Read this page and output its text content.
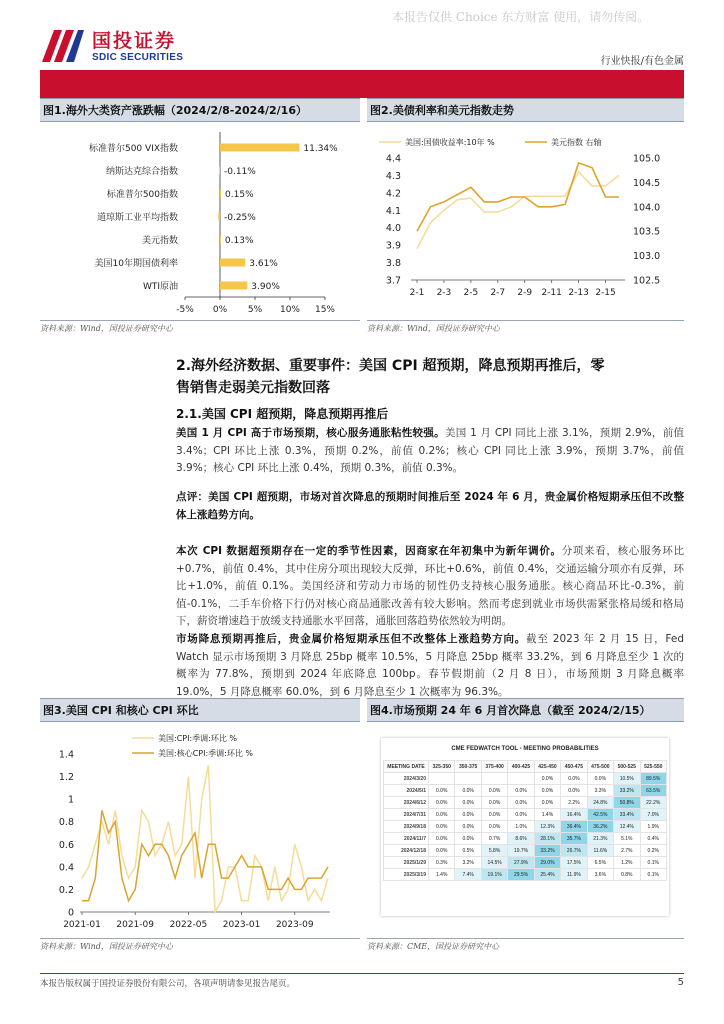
本报告仅供 Choice 东方财富 使用，请勿传阅。
国投证券
SDIC SECURITIES	行业快报/有色金属
图1.海外大类资产涨跌幅（2024/2/8-2024/2/16）
标准普尔500 VIX指数	11.34%
纳斯达克综合指数	-0.11%
标准普尔500指数	0.15%
道琼斯工业平均指数	-0.25%
美元指数	0.13%
美国10年期国债利率	3.61%
WTI原油	3.90%
-5% 0% 5% 10% 15%
资料来源：Wind，国投证券研究中心
图2.美债利率和美元指数走势
4.4
4.3
4.2
4.1
4.0
3.9
3.8
3.7
105.0
104.5
104.0
103.5
103.0
102.5
2-1 2-3 2-5 2-7 2-9 2-11 2-13 2-15
美国:国债收益率:10年 %	美元指数 右轴
资料来源：Wind，国投证券研究中心
2.海外经济数据、重要事件：美国 CPI 超预期，降息预期再推后，零
售销售走弱美元指数回落
2.1.美国 CPI 超预期，降息预期再推后
美国 1 月 CPI 高于市场预期，核心服务通胀粘性较强。美国 1 月 CPI 同比上涨 3.1%，预期 2.9%，前值 3.4%；CPI 环比上涨 0.3%，预期 0.2%，前值 0.2%；核心 CPI 同比上涨 3.9%，预期 3.7%，前值 3.9%；核心 CPI 环比上涨 0.4%，预期 0.3%，前值 0.3%。
点评：美国 CPI 超预期，市场对首次降息的预期时间推后至 2024 年 6 月，贵金属价格短期承压但不改整体上涨趋势方向。
本次 CPI 数据超预期存在一定的季节性因素，因商家在年初集中为新年调价。分项来看，核心服务环比+0.7%，前值 0.4%，其中住房分项出现较大反弹，环比+0.6%，前值 0.4%，交通运输分项亦有反弹，环比+1.0%，前值 0.1%。美国经济和劳动力市场的韧性仍支持核心服务通胀。核心商品环比-0.3%，前值-0.1%，二手车价格下行仍对核心商品通胀改善有较大影响。然而考虑到就业市场供需紧张格局缓和格局下，薪资增速趋于放缓支持通胀水平回落，通胀回落趋势依然较为明朗。
市场降息预期再推后，贵金属价格短期承压但不改整体上涨趋势方向。截至 2023 年 2 月 15 日，Fed Watch 显示市场预期 3 月降息 25bp 概率 10.5%，5 月降息 25bp 概率 33.2%，到 6 月降息至少 1 次的概率为 77.8%，预期到 2024 年底降息 100bp。春节假期前（2 月 8 日），市场预期 3 月降息概率 19.0%，5 月降息概率 60.0%，到 6 月降息至少 1 次概率为 96.3%。
图3.美国 CPI 和核心 CPI 环比
1.4
1.2
1
0.8
0.6
0.4
0.2
0
2021-01 2021-09 2022-05 2023-01 2023-09
美国:CPI:季调:环比 %
美国:核心CPI:季调:环比 %
资料来源：Wind，国投证券研究中心
图4.市场预期 24 年 6 月首次降息（截至 2024/2/15）
CME FEDWATCH TOOL - MEETING PROBABILITIES
MEETING DATE	325-350	350-375	375-400	400-425	425-450	450-475	475-500	500-525	525-550
2024/3/20					0.0%	0.0%	0.0%	10.5%	89.5%
2024/5/1	0.0%	0.0%	0.0%	0.0%	0.0%	0.0%	3.3%	33.2%	63.5%
2024/6/12	0.0%	0.0%	0.0%	0.0%	0.0%	2.2%	24.8%	50.8%	22.2%
2024/7/31	0.0%	0.0%	0.0%	0.0%	1.4%	16.4%	42.5%	33.4%	7.0%
2024/9/18	0.0%	0.0%	0.0%	1.0%	12.3%	36.4%	36.2%	12.4%	1.9%
2024/11/7	0.0%	0.0%	0.7%	8.6%	28.1%	35.7%	21.3%	5.1%	0.4%
2024/12/18	0.0%	0.5%	5.8%	19.7%	33.2%	26.7%	11.6%	2.7%	0.2%
2025/1/29	0.3%	3.2%	14.5%	27.9%	29.0%	17.5%	6.5%	1.2%	0.1%
2025/3/19	1.4%	7.4%	19.1%	29.5%	25.4%	11.9%	3.6%	0.8%	0.1%
资料来源：CME，国投证券研究中心
本报告版权属于国投证券股份有限公司，各项声明请参见报告尾页。	5
